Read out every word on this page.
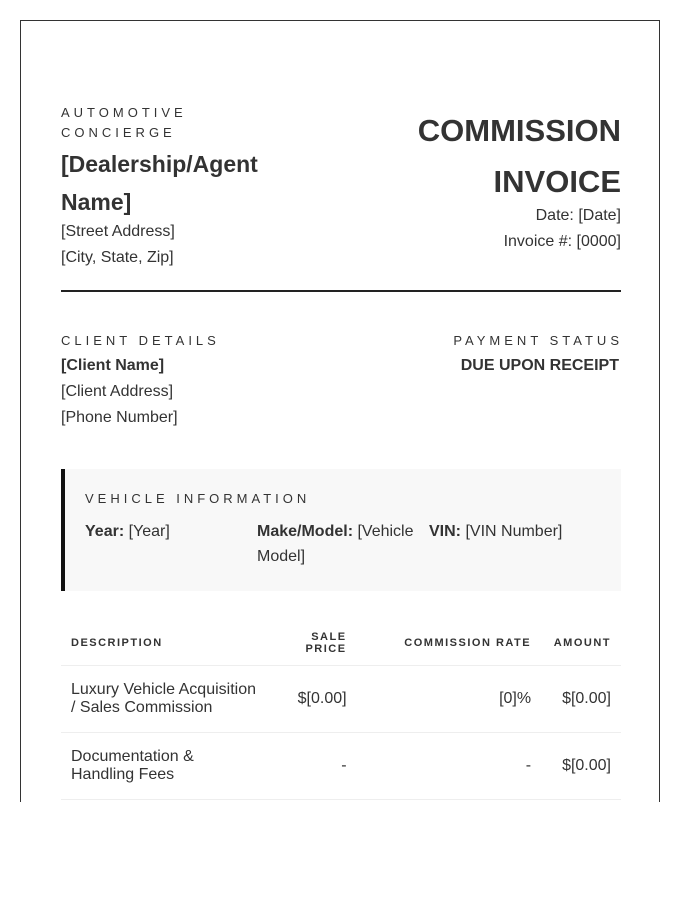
AUTOMOTIVE CONCIERGE
[Dealership/Agent Name]
[Street Address]
[City, State, Zip]
COMMISSION INVOICE
Date: [Date]
Invoice #: [0000]
CLIENT DETAILS
[Client Name]
[Client Address]
[Phone Number]
PAYMENT STATUS
DUE UPON RECEIPT
VEHICLE INFORMATION
Year: [Year]	Make/Model: [Vehicle Model]
VIN: [VIN Number]
DESCRIPTION	SALE PRICE	COMMISSION RATE	AMOUNT
Luxury Vehicle Acquisition / Sales Commission	$[0.00]	[0]%	$[0.00]
Documentation & Handling Fees	-	-	$[0.00]
